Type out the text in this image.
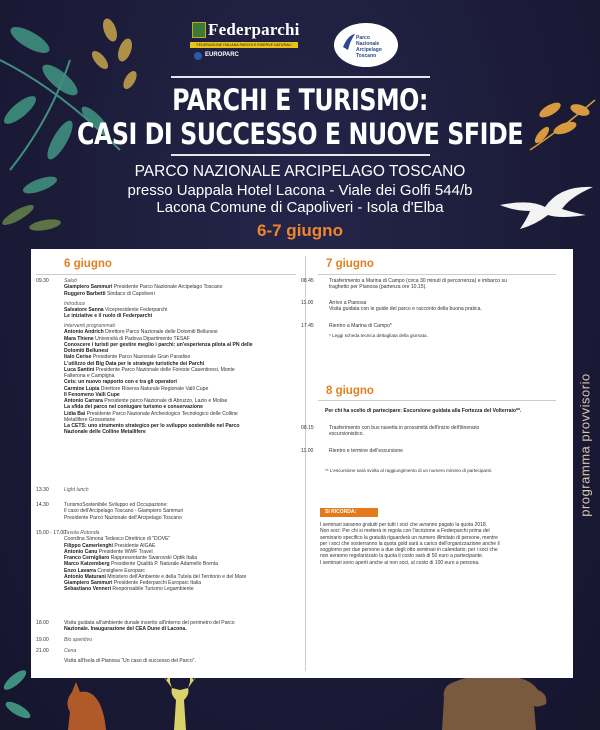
Federparchi
FEDERAZIONE ITALIANA PARCHI E RISERVE NATURALI
EUROPARC
Parco Nazionale Arcipelago Toscano
PARCHI E TURISMO:
CASI DI SUCCESSO E NUOVE SFIDE
PARCO NAZIONALE ARCIPELAGO TOSCANO
presso Uappala Hotel Lacona - Viale dei Golfi 544/b
Lacona Comune di Capoliveri - Isola d'Elba
6-7 giugno
programma provvisorio
6 giugno
09.30	Saluti
Giampiero Sammuri Presidente Parco Nazionale Arcipelago Toscano
Ruggero Barbetti Sindaco di Capoliveri
Introduce
Salvatore Sanna Vicepresidente Federparchi
Le iniziative e il ruolo di Federparchi
Interventi programmati
Antonio Andrich Direttore Parco Nazionale delle Dolomiti Bellunesi
Mara Thiene Università di Padova Dipartimento TESAF
Conoscere i turisti per gestire meglio i parchi: un'esperienza pilota al PN delle
Dolomiti Bellunesi
Italo Cerise Presidente Parco Nazionale Gran Paradiso
L'utilizzo dei Big Data per le strategie turistiche dei Parchi
Luca Santini Presidente Parco Nazionale delle Foreste Casentinesi, Monte
Falterona e Campigna
Cets: un nuovo rapporto con e tra gli operatori
Carmine Lupia Direttore Riserva Naturale Regionale Valli Cupe
Il Fenomeno Valli Cupe
Antonio Carrara Presidente parco Nazionale di Abruzzo, Lazio e Molise
La sfida del parco nel coniugare turismo e conservazione
Lidia Bai Presidente Parco Nazionale Archeologico Tecnologico delle Colline
Metallifere Grossetane
La CETS: uno strumento strategico per lo sviluppo sostenibile nel Parco
Nazionale delle Colline Metallifere
13.30	Light lunch
14.30	TurismoSostenibile Sviluppo ed Occupazione:
Il caso dell'Arcipelago Toscano - Giampiero Sammuri
Presidente Parco Nazionale dell'Arcipelago Toscano
15.00 - 17.00
Tavola Rotonda
Coordina Simona Tedesco Direttrice di "DOVE"
Filippo Camerlenghi Presidente AIGAE
Antonio Canu Presidente WWF Travel
Franco Cernigliaro Rappresentante Swarovski Optik Italia
Marco Katzemberg Presidente Qualità P. Naturale Adamello Brenta
Enzo Lavarra Consigliere Europarc
Antonio Maturani Ministero dell'Ambiente e della Tutela del Territorio e del Mare
Giampiero Sammuri Presidente Federparchi Europarc Italia
Sebastiano Venneri Responsabile Turismo Legambiente
18.00	Visita guidata all'ambiente dunale inserito all'interno del perimetro del Parco
Nazionale. Inaugurazione del CEA Dune di Lacona.
19.00	Bio aperitivo
21.00	Cena
Visita all'Isola di Pianosa "Un caso di successo del Parco".
7 giugno
08.45	Trasferimento a Marina di Campo (circa 30 minuti di percorrenza) e imbarco su
traghetto per Pianosa (partenza ore 10.15).
11.00	Arrivo a Pianosa
Visita guidata con le guide del parco e racconto della buona pratica.
17.45	Rientro a Marina di Campo*
* Leggi scheda tecnica dettagliata della giornata.
8 giugno
Per chi ha scelto di partecipare: Escursione guidata alla Fortezza del Volterraio**.
08.15	Trasferimento con bus navetta in prossimità dell'inizio dell'itinerario
escursionistico.
11.00	Rientro e termine dell'escursione
** L'escursione sarà svolta al raggiungimento di un numero minimo di partecipanti.
SI RICORDA:
I seminari saranno gratuiti per tutti i soci che avranno pagato la quota 2018.
Non soci: Per chi si metterà in regola con l'iscrizione a Federparchi prima del
seminario specifico la gratuità riguarderà un numero illimitato di persone, mentre
per i soci che sosterranno la quota gold sarà a carico dell'organizzazione anche il
soggiorno per due persone a due degli otto seminari in calendario; per i soci che
non avranno regolarizzato la quota il costo sarà di 50 euro a partecipante.
I seminari sono aperti anche ai non soci, al costo di 100 euro a persona.
